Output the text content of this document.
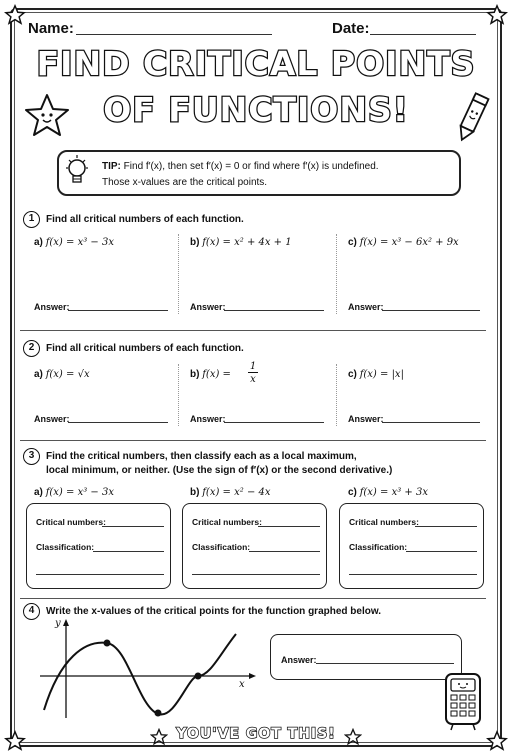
Name:	Date:
FIND CRITICAL POINTS
OF FUNCTIONS!
TIP: Find f′(x), then set f′(x) = 0 or find where f′(x) is undefined.
Those x-values are the critical points.
1	Find all critical numbers of each function.
a) f(x) = x³ − 3x	b) f(x) = x² + 4x + 1	c) f(x) = x³ − 6x² + 9x
Answer:	Answer:	Answer:
2	Find all critical numbers of each function.
a) f(x) = √x	b) f(x) =
1
x	c) f(x) = |x|
Answer:	Answer:	Answer:
3	Find the critical numbers, then classify each as a local maximum,
local minimum, or neither. (Use the sign of f′(x) or the second derivative.)
a) f(x) = x³ − 3x	b) f(x) = x² − 4x	c) f(x) = x³ + 3x
Critical numbers:
Classification:
Critical numbers:
Classification:
Critical numbers:
Classification:
4	Write the x-values of the critical points for the function graphed below.
y
x
Answer:
YOU'VE GOT THIS!
